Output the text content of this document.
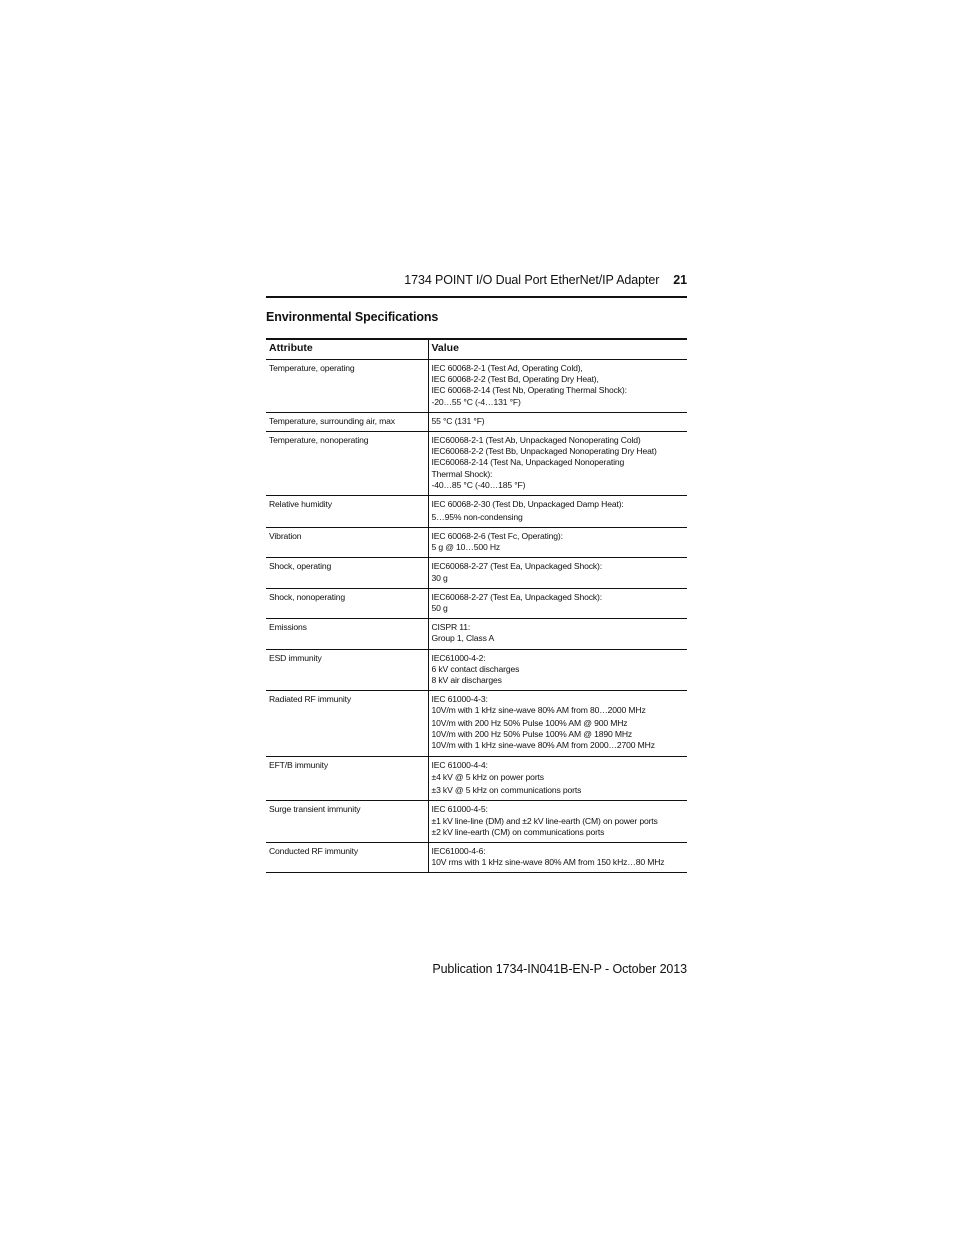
1734 POINT I/O Dual Port EtherNet/IP Adapter 21
Environmental Specifications
Attribute	Value
Temperature, operating	IEC 60068-2-1 (Test Ad, Operating Cold),
IEC 60068-2-2 (Test Bd, Operating Dry Heat),
IEC 60068-2-14 (Test Nb, Operating Thermal Shock):
-20…55 °C (-4…131 °F)

Temperature, surrounding air, max	55 °C (131 °F)

Temperature, nonoperating	IEC60068-2-1 (Test Ab, Unpackaged Nonoperating Cold)
IEC60068-2-2 (Test Bb, Unpackaged Nonoperating Dry Heat)
IEC60068-2-14 (Test Na, Unpackaged Nonoperating
Thermal Shock):
-40…85 °C (-40…185 °F)

Relative humidity	IEC 60068-2-30 (Test Db, Unpackaged Damp Heat):
5…95% non-condensing

Vibration	IEC 60068-2-6 (Test Fc, Operating):
5 g @ 10…500 Hz

Shock, operating	IEC60068-2-27 (Test Ea, Unpackaged Shock):
30 g

Shock, nonoperating	IEC60068-2-27 (Test Ea, Unpackaged Shock):
50 g

Emissions	CISPR 11:
Group 1, Class A

ESD immunity	IEC61000-4-2:
6 kV contact discharges
8 kV air discharges

Radiated RF immunity	IEC 61000-4-3:
10V/m with 1 kHz sine-wave 80% AM from 80…2000 MHz
10V/m with 200 Hz 50% Pulse 100% AM @ 900 MHz
10V/m with 200 Hz 50% Pulse 100% AM @ 1890 MHz
10V/m with 1 kHz sine-wave 80% AM from 2000…2700 MHz

EFT/B immunity	IEC 61000-4-4:
±4 kV @ 5 kHz on power ports
±3 kV @ 5 kHz on communications ports

Surge transient immunity	IEC 61000-4-5:
±1 kV line-line (DM) and ±2 kV line-earth (CM) on power ports
±2 kV line-earth (CM) on communications ports

Conducted RF immunity	IEC61000-4-6:
10V rms with 1 kHz sine-wave 80% AM from 150 kHz…80 MHz
Publication 1734-IN041B-EN-P - October 2013
